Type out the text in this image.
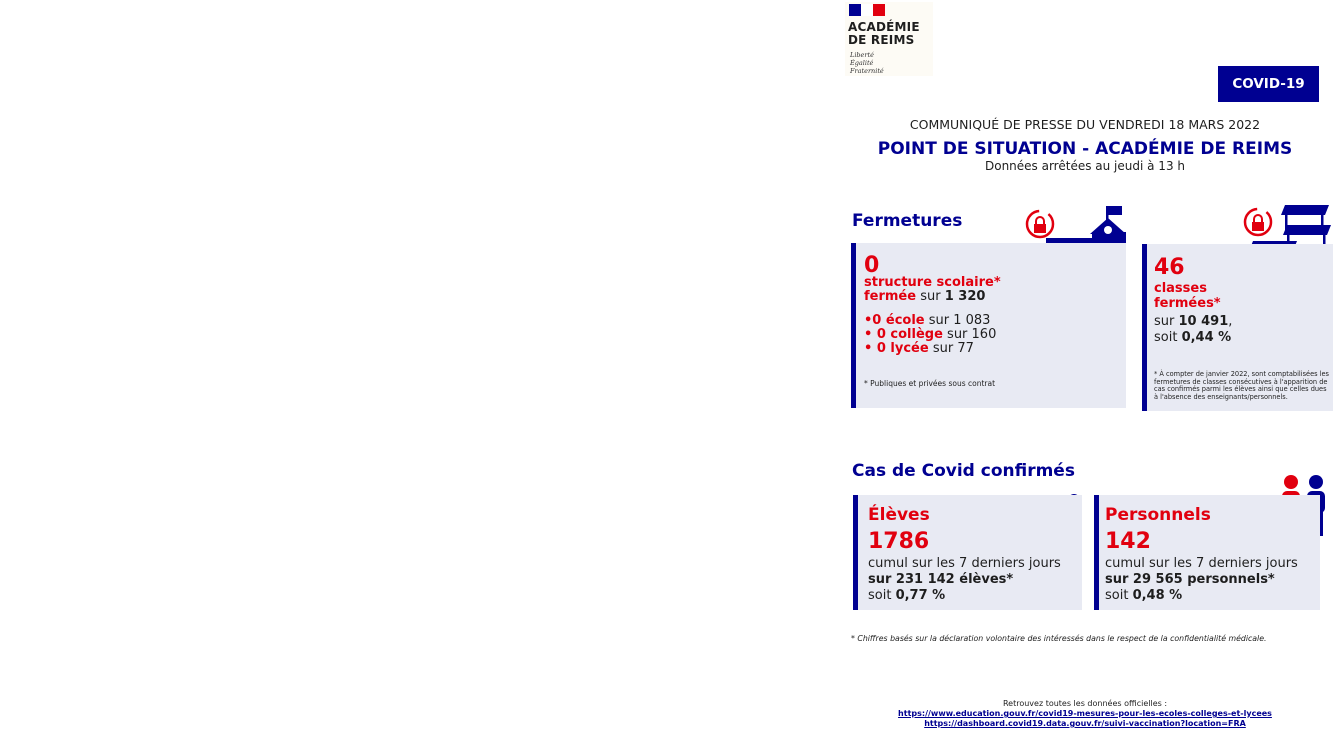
ACADÉMIE
DE REIMS
Liberté
Égalité
Fraternité
COVID-19
COMMUNIQUÉ DE PRESSE DU VENDREDI 18 MARS 2022
POINT DE SITUATION - ACADÉMIE DE REIMS
Données arrêtées au jeudi à 13 h
Fermetures
0
structure scolaire*
fermée sur 1 320
•0 école sur 1 083
• 0 collège sur 160
• 0 lycée sur 77
* Publiques et privées sous contrat
46
classes
fermées*
sur 10 491,
soit 0,44 %
* À compter de janvier 2022, sont comptabilisées les fermetures de classes consécutives à l'apparition de cas confirmés parmi les élèves ainsi que celles dues à l'absence des enseignants/personnels.
Cas de Covid confirmés
Élèves
1786
cumul sur les 7 derniers jours
sur 231 142 élèves*
soit 0,77 %
Personnels
142
cumul sur les 7 derniers jours
sur 29 565 personnels*
soit 0,48 %
* Chiffres basés sur la déclaration volontaire des intéressés dans le respect de la confidentialité médicale.
Retrouvez toutes les données officielles :
https://www.education.gouv.fr/covid19-mesures-pour-les-ecoles-colleges-et-lycees
https://dashboard.covid19.data.gouv.fr/suivi-vaccination?location=FRA
